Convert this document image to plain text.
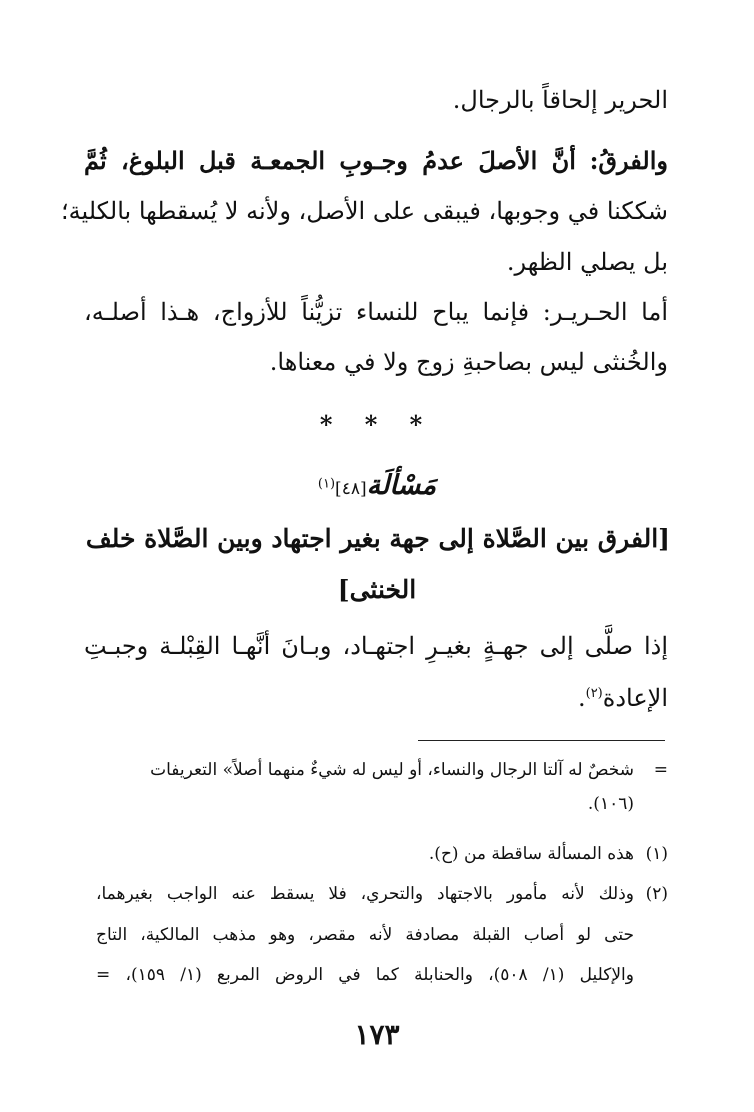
الحرير إلحاقاً بالرجال.
والفرقُ: أنَّ الأصلَ عدمُ وجـوبِ الجمعـة قبل البلوغ، ثُمَّ
شككنا في وجوبها، فيبقى على الأصل، ولأنه لا يُسقطها بالكلية؛
بل يصلي الظهر.
أما الحـريـر: فإنما يباح للنساء تزيُّناً للأزواج، هـذا أصلـه،
والخُنثى ليس بصاحبةِ زوج ولا في معناها.
* * *
مَسْألَة[٤٨]$^{(١)}$
[الفرق بين الصَّلاة إلى جهة بغير اجتهاد وبين الصَّلاة خلف
الخنثى]
إذا صلَّى إلى جهـةٍ بغيـرِ اجتهـاد، وبـانَ أنَّهـا القِبْلـة وجبـتِ
الإعادة$^{(٢)}$.
=شخصٌ له آلتا الرجال والنساء، أو ليس له شيءٌ منهما أصلاً» التعريفات
(١٠٦).
(١)هذه المسألة ساقطة من (ح).
(٢)وذلك لأنه مأمور بالاجتهاد والتحري، فلا يسقط عنه الواجب بغيرهما،
حتى لو أصاب القبلة مصادفة لأنه مقصر، وهو مذهب المالكية، التاج
والإكليل (١/ ٥٠٨)، والحنابلة كما في الروض المربع (١/ ١٥٩)، =
١٧٣
